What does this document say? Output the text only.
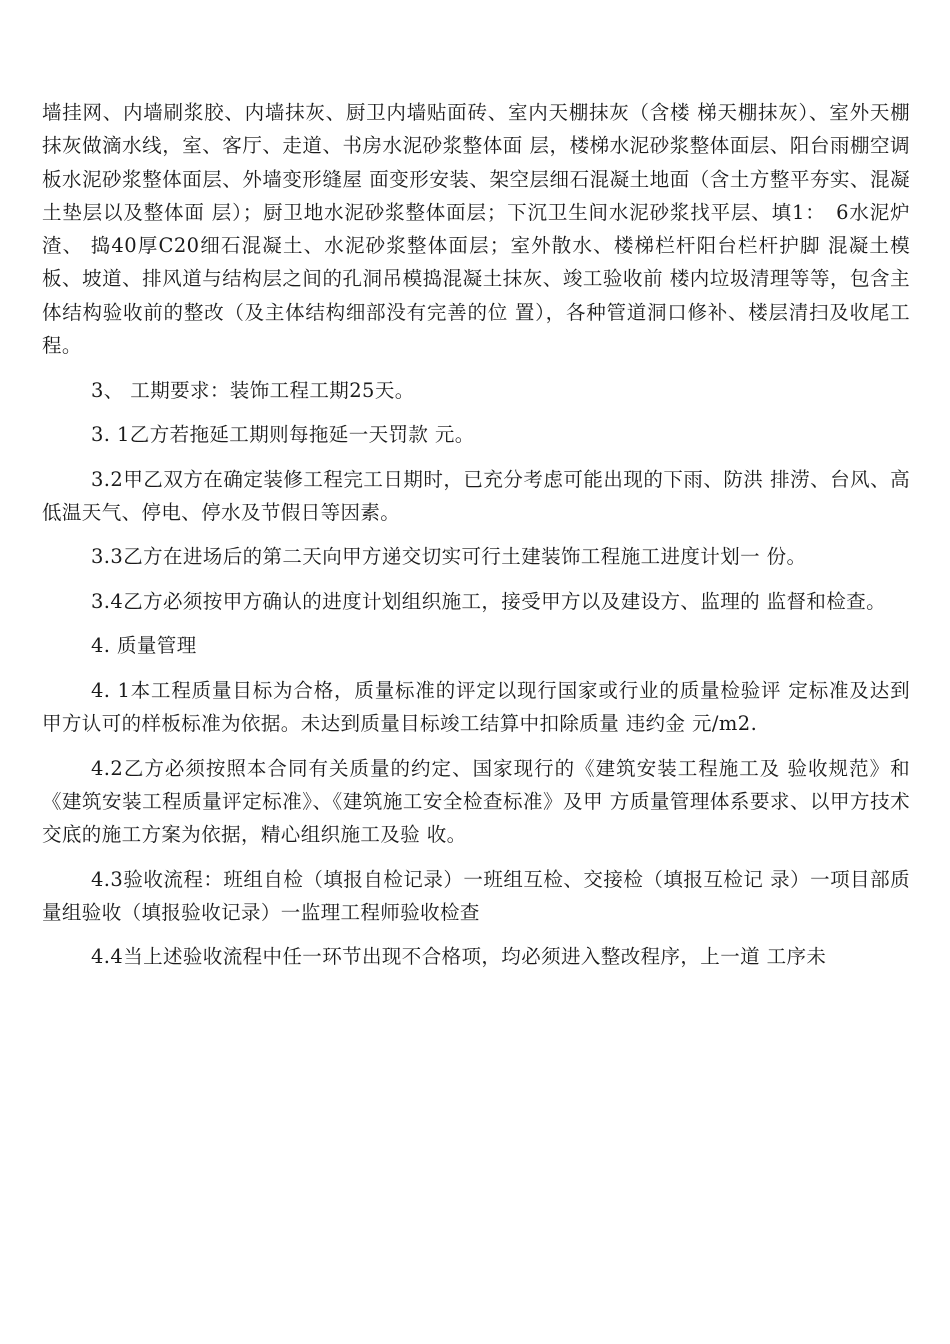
墙挂网、内墙刷浆胶、内墙抹灰、厨卫内墙贴面砖、室内天棚抹灰（含楼 梯天棚抹灰）、室外天棚抹灰做滴水线，室、客厅、走道、书房水泥砂浆整体面 层，楼梯水泥砂浆整体面层、阳台雨棚空调板水泥砂浆整体面层、外墙变形缝屋 面变形安装、架空层细石混凝土地面（含土方整平夯实、混凝土垫层以及整体面 层）；厨卫地水泥砂浆整体面层；下沉卫生间水泥砂浆找平层、填1：　6水泥炉渣、 捣40厚C20细石混凝土、水泥砂浆整体面层；室外散水、楼梯栏杆阳台栏杆护脚 混凝土模板、坡道、排风道与结构层之间的孔洞吊模捣混凝土抹灰、竣工验收前 楼内垃圾清理等等，包含主体结构验收前的整改（及主体结构细部没有完善的位 置），各种管道洞口修补、楼层清扫及收尾工程。

3、 工期要求：装饰工程工期25天。

3. 1乙方若拖延工期则每拖延一天罚款 元。

3.2甲乙双方在确定装修工程完工日期时，已充分考虑可能出现的下雨、防洪 排涝、台风、高低温天气、停电、停水及节假日等因素。

3.3乙方在进场后的第二天向甲方递交切实可行土建装饰工程施工进度计划一 份。

3.4乙方必须按甲方确认的进度计划组织施工，接受甲方以及建设方、监理的 监督和检查。

4. 质量管理

4. 1本工程质量目标为合格，质量标准的评定以现行国家或行业的质量检验评 定标准及达到甲方认可的样板标准为依据。未达到质量目标竣工结算中扣除质量 违约金 元/m2.

4.2乙方必须按照本合同有关质量的约定、国家现行的《建筑安装工程施工及 验收规范》和《建筑安装工程质量评定标准》、《建筑施工安全检查标准》及甲 方质量管理体系要求、以甲方技术交底的施工方案为依据，精心组织施工及验 收。

4.3验收流程：班组自检（填报自检记录）一班组互检、交接检（填报互检记 录）一项目部质量组验收（填报验收记录）一监理工程师验收检查

4.4当上述验收流程中任一环节出现不合格项，均必须进入整改程序，上一道 工序未
